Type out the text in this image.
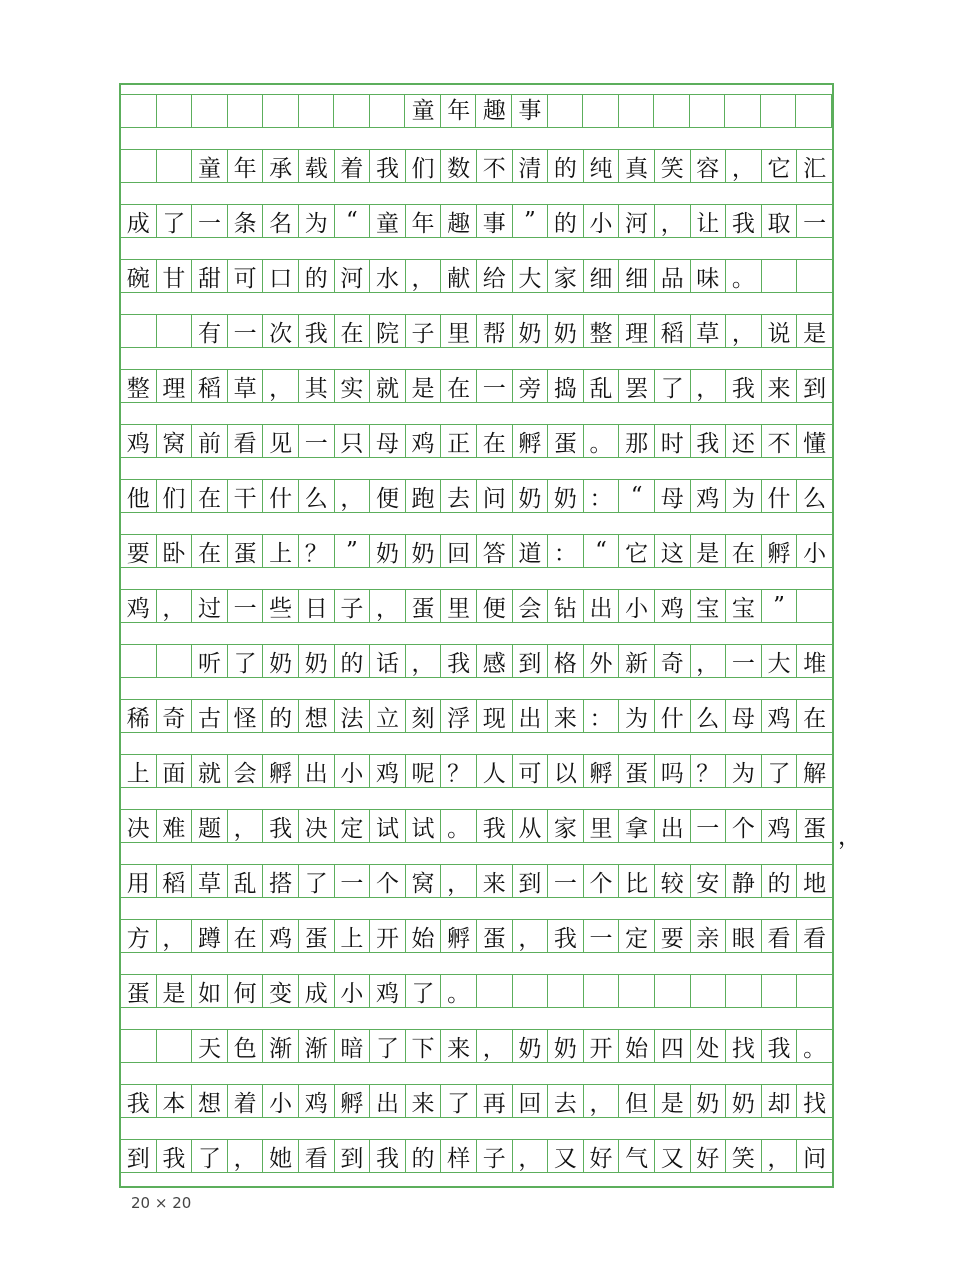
童年趣事
童 年 承 载 着 我 们 数 不 清 的 纯 真 笑 容 ， 它 汇
成 了 一 条 名 为 “ 童 年 趣 事 ” 的 小 河 ， 让 我 取 一
碗 甘 甜 可 口 的 河 水 ， 献 给 大 家 细 细 品 味 。
有 一 次 我 在 院 子 里 帮 奶 奶 整 理 稻 草 ， 说 是
整 理 稻 草 ， 其 实 就 是 在 一 旁 捣 乱 罢 了 ， 我 来 到
鸡 窝 前 看 见 一 只 母 鸡 正 在 孵 蛋 。 那 时 我 还 不 懂
他 们 在 干 什 么 ， 便 跑 去 问 奶 奶 ： “ 母 鸡 为 什 么
要 卧 在 蛋 上 ？ ” 奶 奶 回 答 道 ： “ 它 这 是 在 孵 小
鸡 ， 过 一 些 日 子 ， 蛋 里 便 会 钻 出 小 鸡 宝 宝 ”
听 了 奶 奶 的 话 ， 我 感 到 格 外 新 奇 ， 一 大 堆
稀 奇 古 怪 的 想 法 立 刻 浮 现 出 来 ： 为 什 么 母 鸡 在
上 面 就 会 孵 出 小 鸡 呢 ？ 人 可 以 孵 蛋 吗 ？ 为 了 解
决 难 题 ， 我 决 定 试 试 。 我 从 家 里 拿 出 一 个 鸡 蛋
用 稻 草 乱 搭 了 一 个 窝 ， 来 到 一 个 比 较 安 静 的 地
方 ， 蹲 在 鸡 蛋 上 开 始 孵 蛋 ， 我 一 定 要 亲 眼 看 看
蛋 是 如 何 变 成 小 鸡 了 。
天 色 渐 渐 暗 了 下 来 ， 奶 奶 开 始 四 处 找 我 。
我 本 想 着 小 鸡 孵 出 来 了 再 回 去 ， 但 是 奶 奶 却 找
到 我 了 ， 她 看 到 我 的 样 子 ， 又 好 气 又 好 笑 ， 问
，
20 × 20
